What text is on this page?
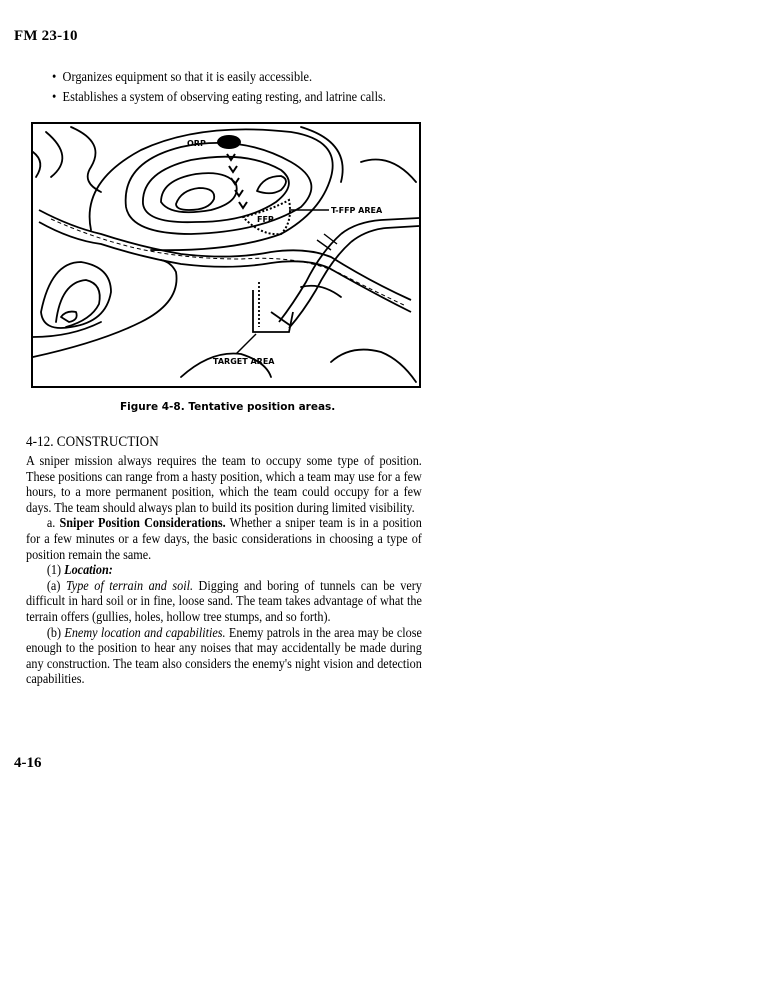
FM 23-10
• Organizes equipment so that it is easily accessible.
• Establishes a system of observing eating resting, and latrine calls.
ORP
FFP
T-FFP AREA
TARGET AREA
Figure 4-8. Tentative position areas.
4-12. CONSTRUCTION

A sniper mission always requires the team to occupy some type of position. These positions can range from a hasty position, which a team may use for a few hours, to a more permanent position, which the team could occupy for a few days. The team should always plan to build its position during limited visibility.

a. Sniper Position Considerations. Whether a sniper team is in a position for a few minutes or a few days, the basic considerations in choosing a type of position remain the same.

(1) Location:

(a) Type of terrain and soil. Digging and boring of tunnels can be very difficult in hard soil or in fine, loose sand. The team takes advantage of what the terrain offers (gullies, holes, hollow tree stumps, and so forth).

(b) Enemy location and capabilities. Enemy patrols in the area may be close enough to the position to hear any noises that may accidentally be made during any construction. The team also considers the enemy's night vision and detection capabilities.

4-16
